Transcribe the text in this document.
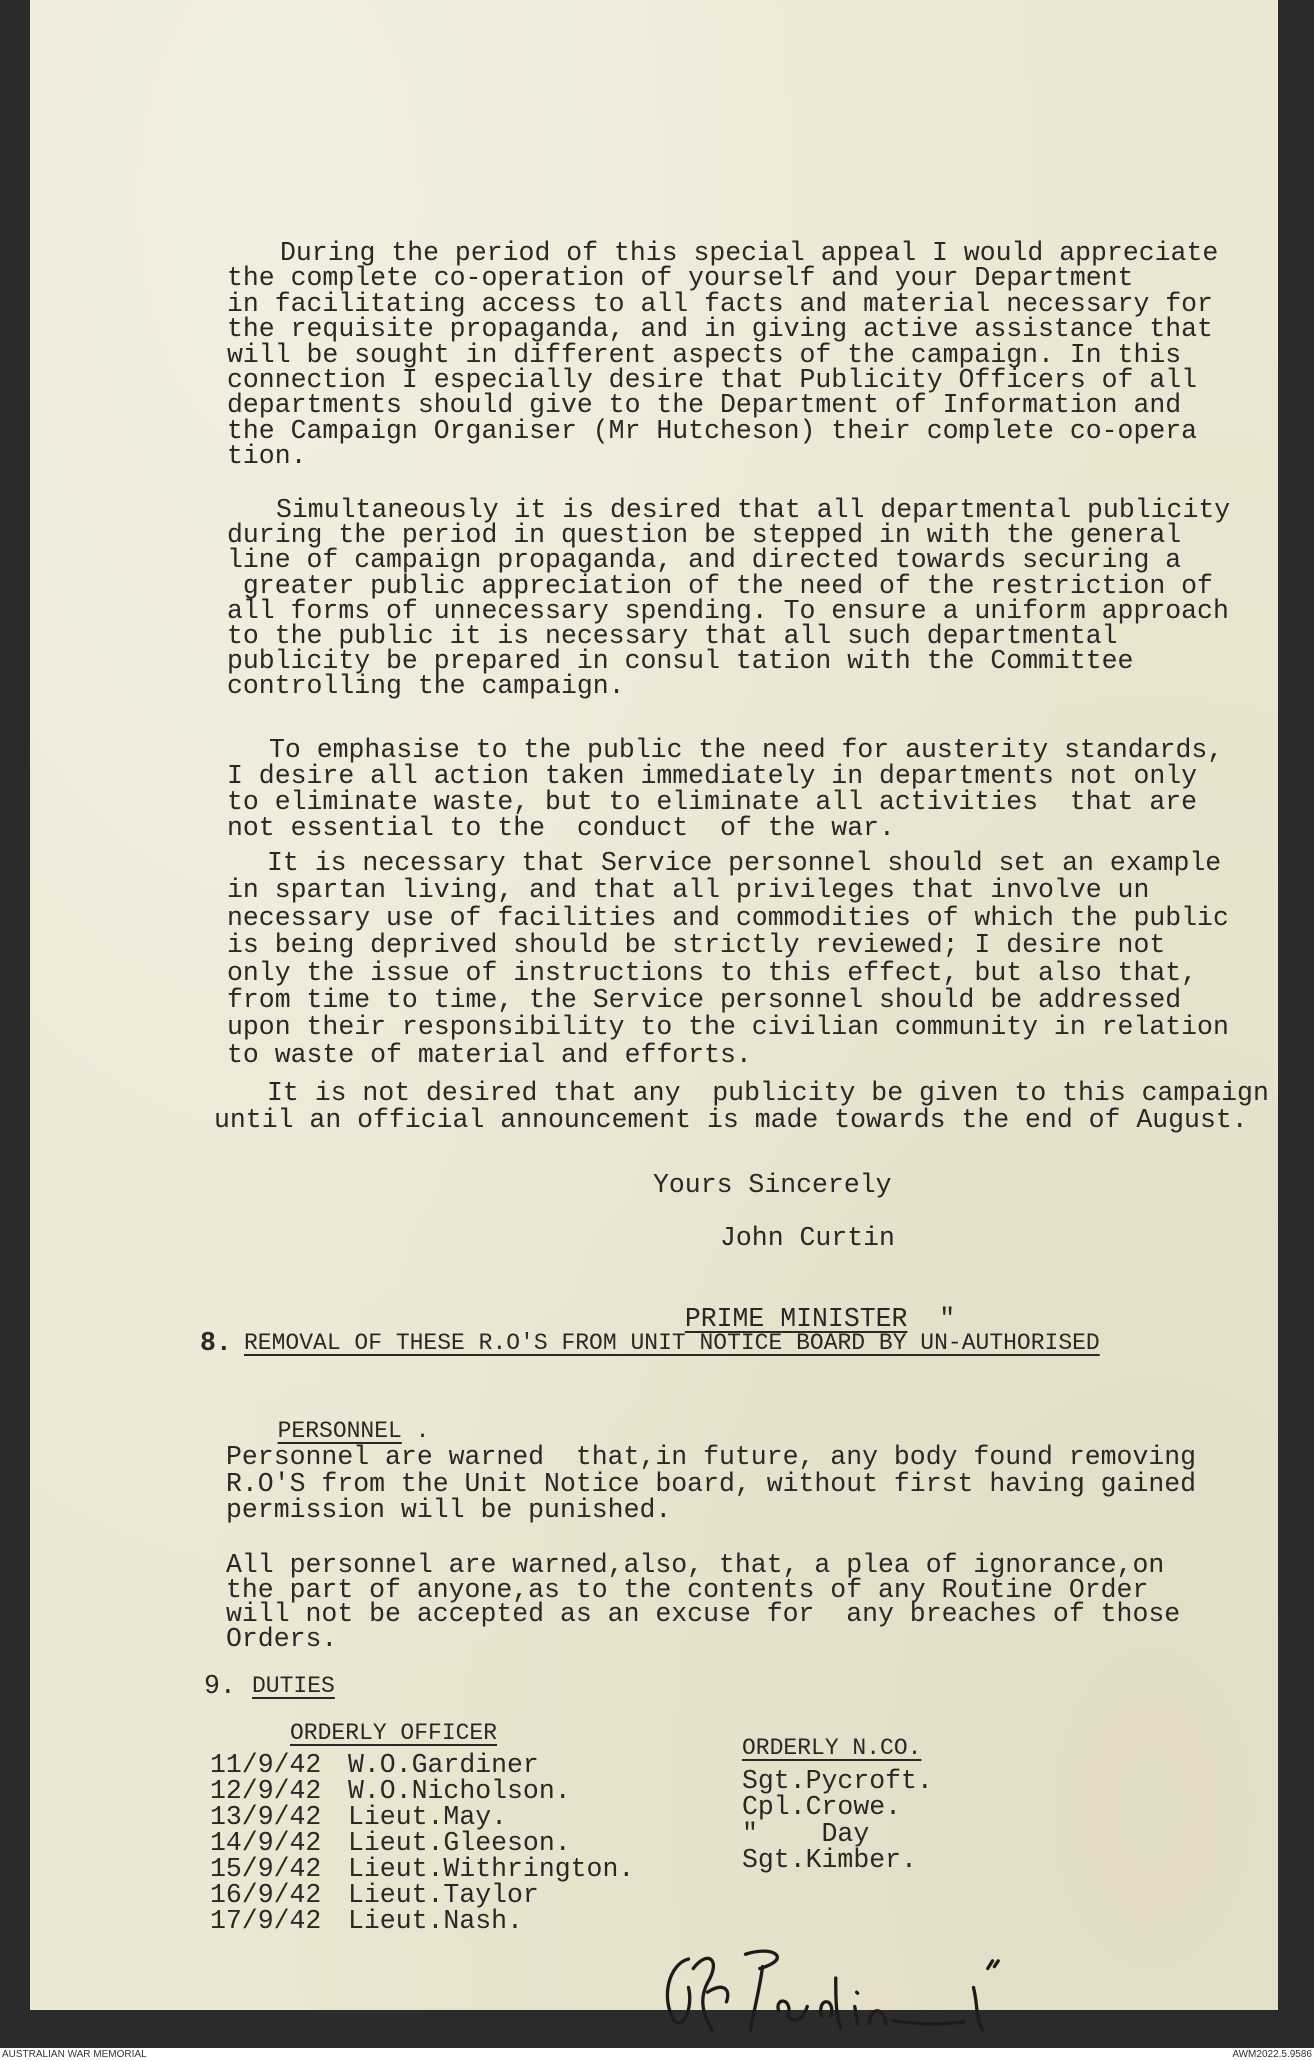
During the period of this special appeal I would appreciate
the complete co-operation of yourself and your Department
in facilitating access to all facts and material necessary for
the requisite propaganda, and in giving active assistance that
will be sought in different aspects of the campaign. In this
connection I especially desire that Publicity Officers of all
departments should give to the Department of Information and
the Campaign Organiser (Mr Hutcheson) their complete co-opera
tion.
Simultaneously it is desired that all departmental publicity
during the period in question be stepped in with the general
line of campaign propaganda, and directed towards securing a
greater public appreciation of the need of the restriction of
all forms of unnecessary spending. To ensure a uniform approach
to the public it is necessary that all such departmental
publicity be prepared in consul tation with the Committee
controlling the campaign.
To emphasise to the public the need for austerity standards,
I desire all action taken immediately in departments not only
to eliminate waste, but to eliminate all activities  that are
not essential to the  conduct  of the war.
It is necessary that Service personnel should set an example
in spartan living, and that all privileges that involve un
necessary use of facilities and commodities of which the public
is being deprived should be strictly reviewed; I desire not
only the issue of instructions to this effect, but also that,
from time to time, the Service personnel should be addressed
upon their responsibility to the civilian community in relation
to waste of material and efforts.
It is not desired that any  publicity be given to this campaign
until an official announcement is made towards the end of August.
Yours Sincerely
John Curtin

PRIME MINISTER "

8. REMOVAL OF THESE R.O'S FROM UNIT NOTICE BOARD BY UN-AUTHORISED

PERSONNEL .

Personnel are warned  that,in future, any body found removing
R.O'S from the Unit Notice board, without first having gained
permission will be punished.
All personnel are warned,also, that, a plea of ignorance,on
the part of anyone,as to the contents of any Routine Order
will not be accepted as an excuse for  any breaches of those
Orders.
9. DUTIES
ORDERLY OFFICER
11/9/42 W.O.Gardiner
12/9/42 W.O.Nicholson.
13/9/42 Lieut.May.
14/9/42 Lieut.Gleeson.
15/9/42 Lieut.Withrington.
16/9/42 Lieut.Taylor
17/9/42 Lieut.Nash.
ORDERLY N.CO.
Sgt.Pycroft.
Cpl.Crowe.
"    Day
Sgt.Kimber.
AUSTRALIAN WAR MEMORIAL	AWM2022.5.9586
